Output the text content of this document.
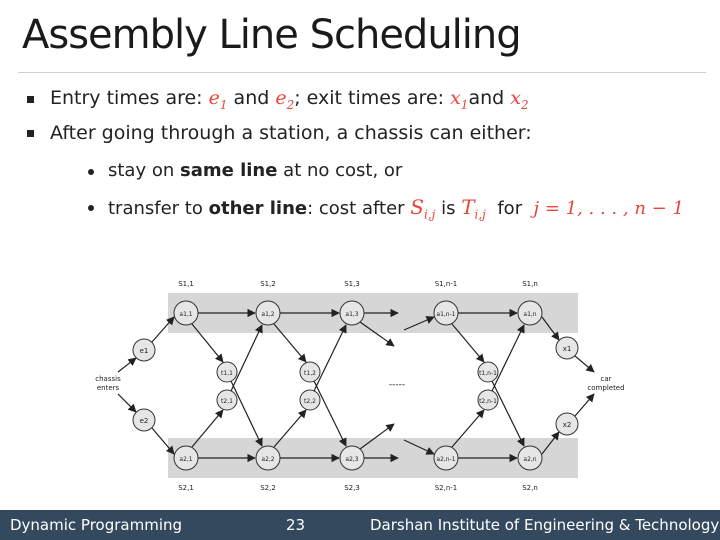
Assembly Line Scheduling
Entry times are: $e_1$ and $e_2$; exit times are: $x_1and$ $x_2$
After going through a station, a chassis can either:
stay on same line at no cost, or
transfer to other line: cost after $S_{i,j}$ is $T_{i,j}$  for  j = 1, . . . , n − 1
S1,1
S2,1
S1,2
S2,2
S1,3
S2,3
S1,n-1
S2,n-1
S1,n
S2,n
t1,1
t2,1
t1,2
t2,2
t1,n-1
t2,n-1
a1,1
a2,1
a1,2
a2,2
a1,3
a2,3
a1,n-1
a2,n-1
a1,n
a2,n
e1
e2
chassis
enters
x1
x2
car
completed
-----
Dynamic Programming	23	Darshan Institute of Engineering & Technology
